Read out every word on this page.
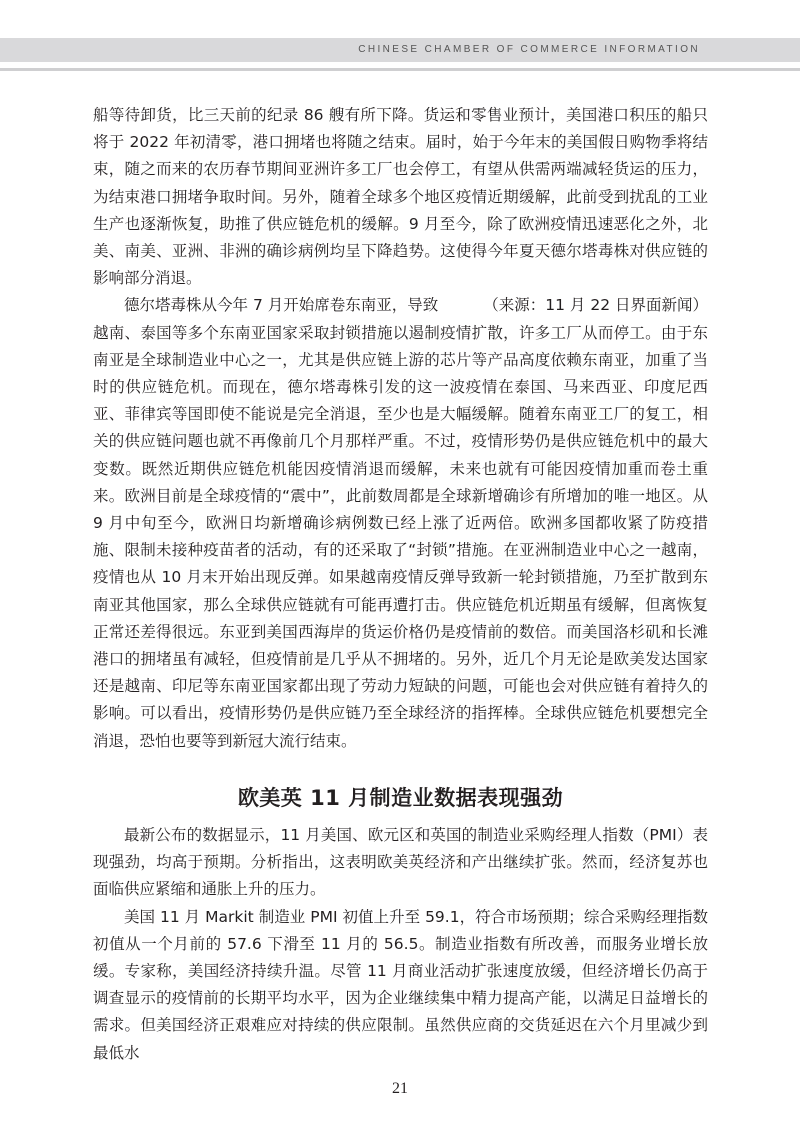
CHINESE CHAMBER OF COMMERCE INFORMATION

船等待卸货，比三天前的纪录 86 艘有所下降。货运和零售业预计，美国港口积压的船只将于 2022 年初清零，港口拥堵也将随之结束。届时，始于今年末的美国假日购物季将结束，随之而来的农历春节期间亚洲许多工厂也会停工，有望从供需两端减轻货运的压力，为结束港口拥堵争取时间。另外，随着全球多个地区疫情近期缓解，此前受到扰乱的工业生产也逐渐恢复，助推了供应链危机的缓解。9 月至今，除了欧洲疫情迅速恶化之外，北美、南美、亚洲、非洲的确诊病例均呈下降趋势。这使得今年夏天德尔塔毒株对供应链的影响部分消退。

（来源：11 月 22 日界面新闻）
德尔塔毒株从今年 7 月开始席卷东南亚，导致越南、泰国等多个东南亚国家采取封锁措施以遏制疫情扩散，许多工厂从而停工。由于东南亚是全球制造业中心之一，尤其是供应链上游的芯片等产品高度依赖东南亚，加重了当时的供应链危机。而现在，德尔塔毒株引发的这一波疫情在泰国、马来西亚、印度尼西亚、菲律宾等国即使不能说是完全消退，至少也是大幅缓解。随着东南亚工厂的复工，相关的供应链问题也就不再像前几个月那样严重。不过，疫情形势仍是供应链危机中的最大变数。既然近期供应链危机能因疫情消退而缓解，未来也就有可能因疫情加重而卷土重来。欧洲目前是全球疫情的“震中”，此前数周都是全球新增确诊有所增加的唯一地区。从 9 月中旬至今，欧洲日均新增确诊病例数已经上涨了近两倍。欧洲多国都收紧了防疫措施、限制未接种疫苗者的活动，有的还采取了“封锁”措施。在亚洲制造业中心之一越南，疫情也从 10 月末开始出现反弹。如果越南疫情反弹导致新一轮封锁措施，乃至扩散到东南亚其他国家，那么全球供应链就有可能再遭打击。供应链危机近期虽有缓解，但离恢复正常还差得很远。东亚到美国西海岸的货运价格仍是疫情前的数倍。而美国洛杉矶和长滩港口的拥堵虽有减轻，但疫情前是几乎从不拥堵的。另外，近几个月无论是欧美发达国家还是越南、印尼等东南亚国家都出现了劳动力短缺的问题，可能也会对供应链有着持久的影响。可以看出，疫情形势仍是供应链乃至全球经济的指挥棒。全球供应链危机要想完全消退，恐怕也要等到新冠大流行结束。

欧美英 11 月制造业数据表现强劲

最新公布的数据显示，11 月美国、欧元区和英国的制造业采购经理人指数（PMI）表现强劲，均高于预期。分析指出，这表明欧美英经济和产出继续扩张。然而，经济复苏也面临供应紧缩和通胀上升的压力。

美国 11 月 Markit 制造业 PMI 初值上升至 59.1，符合市场预期；综合采购经理指数初值从一个月前的 57.6 下滑至 11 月的 56.5。制造业指数有所改善，而服务业增长放缓。专家称，美国经济持续升温。尽管 11 月商业活动扩张速度放缓，但经济增长仍高于调查显示的疫情前的长期平均水平，因为企业继续集中精力提高产能，以满足日益增长的需求。但美国经济正艰难应对持续的供应限制。虽然供应商的交货延迟在六个月里减少到最低水

21
